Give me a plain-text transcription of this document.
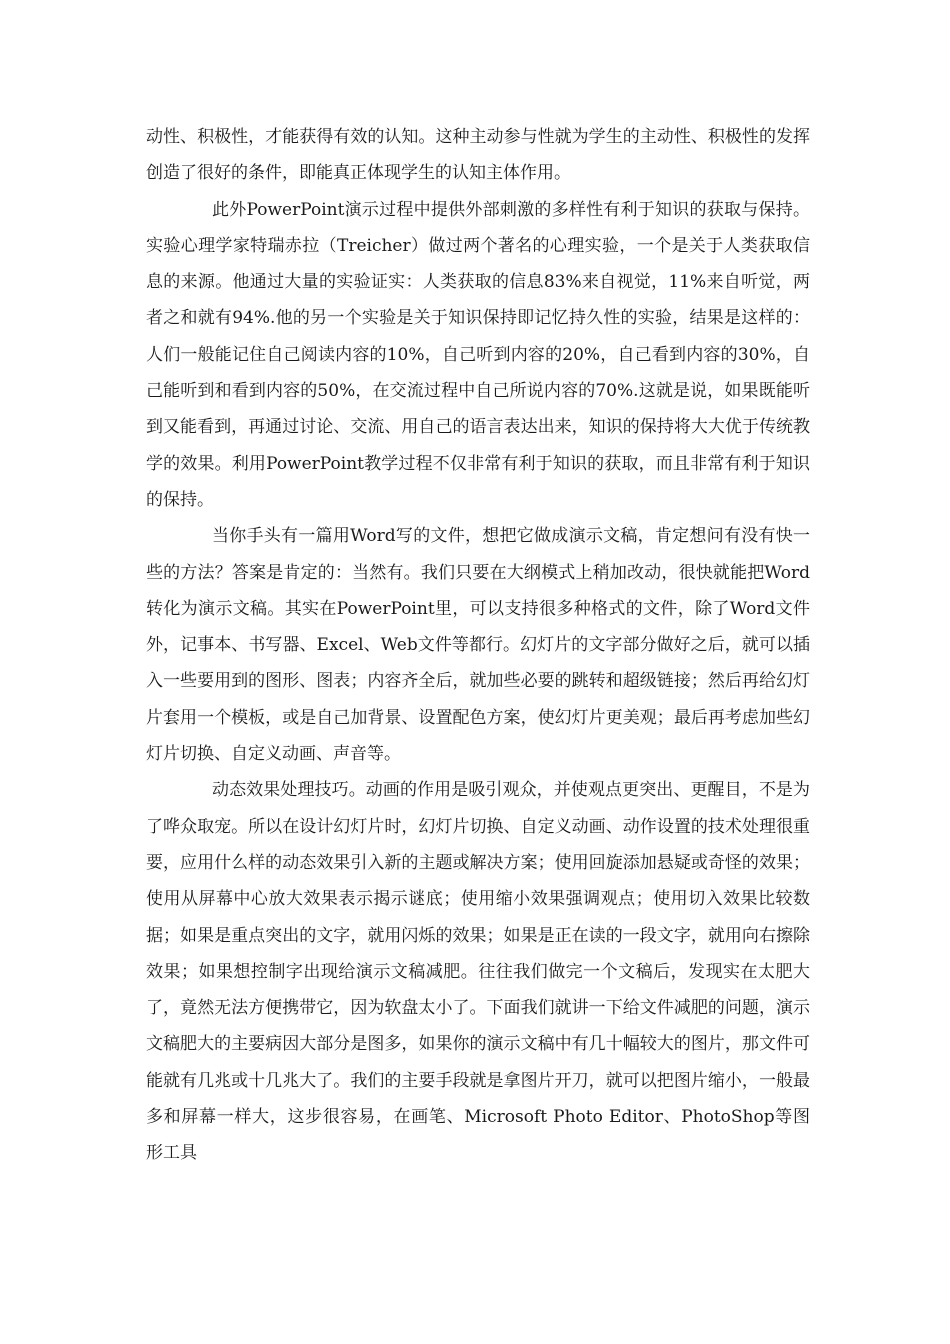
动性、积极性，才能获得有效的认知。这种主动参与性就为学生的主动性、积极性的发挥创造了很好的条件，即能真正体现学生的认知主体作用。

此外PowerPoint演示过程中提供外部刺激的多样性有利于知识的获取与保持。实验心理学家特瑞赤拉（Treicher）做过两个著名的心理实验，一个是关于人类获取信息的来源。他通过大量的实验证实：人类获取的信息83%来自视觉，11%来自听觉，两者之和就有94%.他的另一个实验是关于知识保持即记忆持久性的实验，结果是这样的：人们一般能记住自己阅读内容的10%，自己听到内容的20%，自己看到内容的30%，自己能听到和看到内容的50%，在交流过程中自己所说内容的70%.这就是说，如果既能听到又能看到，再通过讨论、交流、用自己的语言表达出来，知识的保持将大大优于传统教学的效果。利用PowerPoint教学过程不仅非常有利于知识的获取，而且非常有利于知识的保持。

当你手头有一篇用Word写的文件，想把它做成演示文稿，肯定想问有没有快一些的方法？答案是肯定的：当然有。我们只要在大纲模式上稍加改动，很快就能把Word转化为演示文稿。其实在PowerPoint里，可以支持很多种格式的文件，除了Word文件外，记事本、书写器、Excel、Web文件等都行。幻灯片的文字部分做好之后，就可以插入一些要用到的图形、图表；内容齐全后，就加些必要的跳转和超级链接；然后再给幻灯片套用一个模板，或是自己加背景、设置配色方案，使幻灯片更美观；最后再考虑加些幻灯片切换、自定义动画、声音等。

动态效果处理技巧。动画的作用是吸引观众，并使观点更突出、更醒目，不是为了哗众取宠。所以在设计幻灯片时，幻灯片切换、自定义动画、动作设置的技术处理很重要，应用什么样的动态效果引入新的主题或解决方案；使用回旋添加悬疑或奇怪的效果；使用从屏幕中心放大效果表示揭示谜底；使用缩小效果强调观点；使用切入效果比较数据；如果是重点突出的文字，就用闪烁的效果；如果是正在读的一段文字，就用向右擦除效果；如果想控制字出现给演示文稿减肥。往往我们做完一个文稿后，发现实在太肥大了，竟然无法方便携带它，因为软盘太小了。下面我们就讲一下给文件减肥的问题，演示文稿肥大的主要病因大部分是图多，如果你的演示文稿中有几十幅较大的图片，那文件可能就有几兆或十几兆大了。我们的主要手段就是拿图片开刀，就可以把图片缩小，一般最多和屏幕一样大，这步很容易，在画笔、Microsoft Photo Editor、PhotoShop等图形工具
